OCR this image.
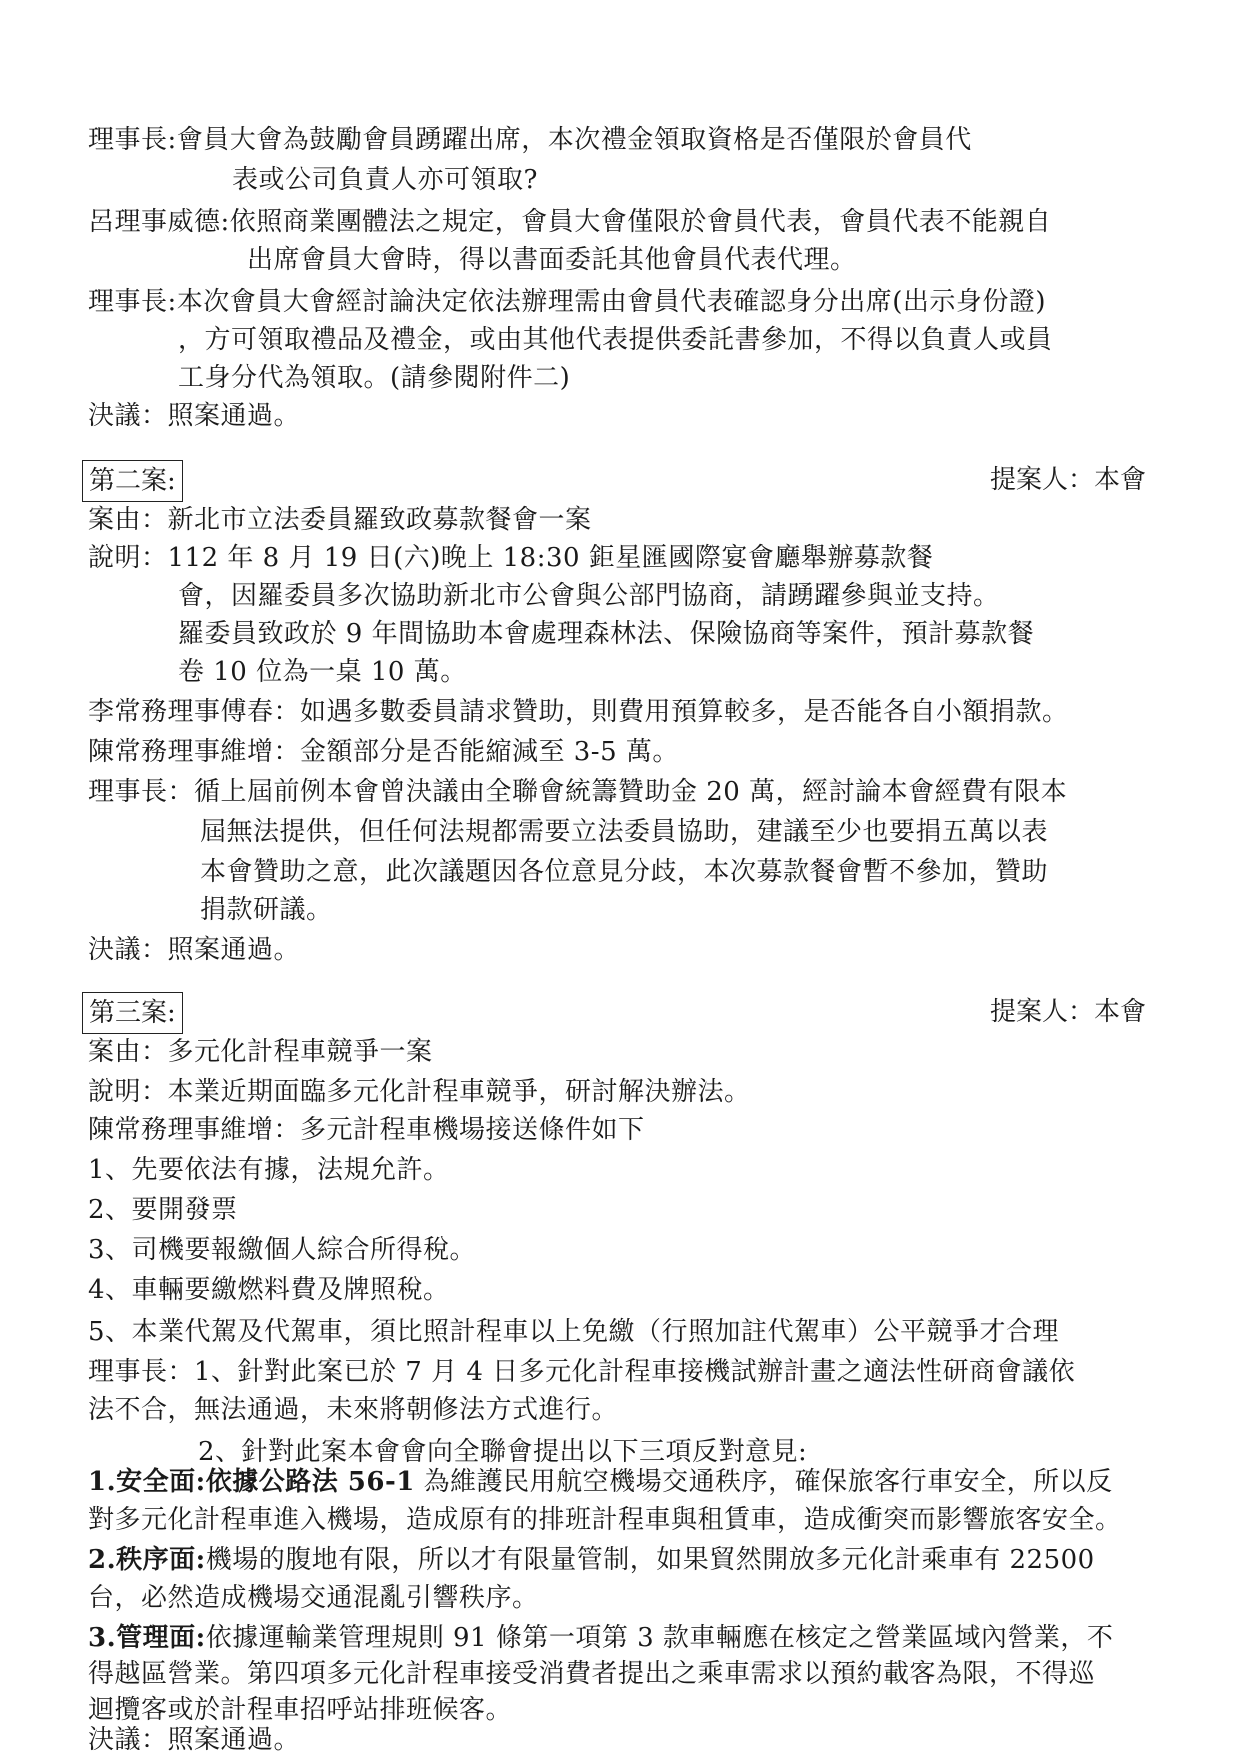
理事長:會員大會為鼓勵會員踴躍出席，本次禮金領取資格是否僅限於會員代
表或公司負責人亦可領取?
呂理事威德:依照商業團體法之規定，會員大會僅限於會員代表，會員代表不能親自
出席會員大會時，得以書面委託其他會員代表代理。
理事長:本次會員大會經討論決定依法辦理需由會員代表確認身分出席(出示身份證)
，方可領取禮品及禮金，或由其他代表提供委託書參加，不得以負責人或員
工身分代為領取。(請參閱附件二)
決議：照案通過。
第二案:	提案人：本會
案由：新北市立法委員羅致政募款餐會一案
說明：112 年 8 月 19 日(六)晚上 18:30 鉅星匯國際宴會廳舉辦募款餐
會，因羅委員多次協助新北市公會與公部門協商，請踴躍參與並支持。
羅委員致政於 9 年間協助本會處理森林法、保險協商等案件，預計募款餐
卷 10 位為一桌 10 萬。
李常務理事傅春：如遇多數委員請求贊助，則費用預算較多，是否能各自小額捐款。
陳常務理事維增：金額部分是否能縮減至 3-5 萬。
理事長：循上屆前例本會曾決議由全聯會統籌贊助金 20 萬，經討論本會經費有限本
屆無法提供，但任何法規都需要立法委員協助，建議至少也要捐五萬以表
本會贊助之意，此次議題因各位意見分歧，本次募款餐會暫不參加，贊助
捐款研議。
決議：照案通過。
第三案:	提案人：本會
案由：多元化計程車競爭一案
說明：本業近期面臨多元化計程車競爭，研討解決辦法。
陳常務理事維增：多元計程車機場接送條件如下
1、先要依法有據，法規允許。
2、要開發票
3、司機要報繳個人綜合所得稅。
4、車輛要繳燃料費及牌照稅。
5、本業代駕及代駕車，須比照計程車以上免繳（行照加註代駕車）公平競爭才合理
理事長：1、針對此案已於 7 月 4 日多元化計程車接機試辦計畫之適法性研商會議依
法不合，無法通過，未來將朝修法方式進行。
2、針對此案本會會向全聯會提出以下三項反對意見:
1.安全面:依據公路法 56-1 為維護民用航空機場交通秩序，確保旅客行車安全，所以反
對多元化計程車進入機場，造成原有的排班計程車與租賃車，造成衝突而影響旅客安全。
2.秩序面:機場的腹地有限，所以才有限量管制，如果貿然開放多元化計乘車有 22500
台，必然造成機場交通混亂引響秩序。
3.管理面:依據運輸業管理規則 91 條第一項第 3 款車輛應在核定之營業區域內營業，不
得越區營業。第四項多元化計程車接受消費者提出之乘車需求以預約載客為限，不得巡
迴攬客或於計程車招呼站排班候客。
決議：照案通過。
